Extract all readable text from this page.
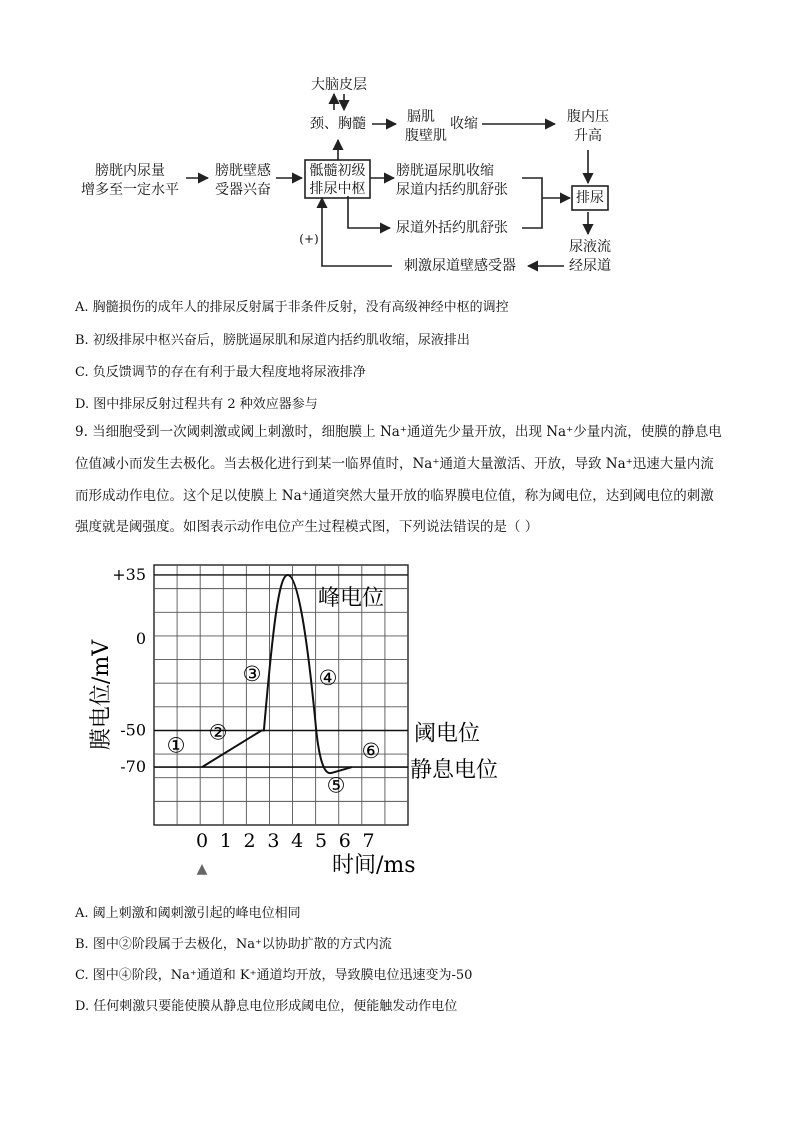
大脑皮层
颈、胸髓	膈肌
腹壁肌
收缩	腹内压
升高
膀胱内尿量
增多至一定水平
膀胱壁感
受器兴奋
骶髓初级
排尿中枢
膀胱逼尿肌收缩
尿道内括约肌舒张
尿道外括约肌舒张
排尿
尿液流
经尿道
刺激尿道壁感受器
(+)
A. 胸髓损伤的成年人的排尿反射属于非条件反射，没有高级神经中枢的调控
B. 初级排尿中枢兴奋后，膀胱逼尿肌和尿道内括约肌收缩，尿液排出
C. 负反馈调节的存在有利于最大程度地将尿液排净
D. 图中排尿反射过程共有 2 种效应器参与
9. 当细胞受到一次阈刺激或阈上刺激时，细胞膜上 Na⁺通道先少量开放，出现 Na⁺少量内流，使膜的静息电
位值减小而发生去极化。当去极化进行到某一临界值时，Na⁺通道大量激活、开放，导致 Na⁺迅速大量内流
而形成动作电位。这个足以使膜上 Na⁺通道突然大量开放的临界膜电位值，称为阈电位，达到阈电位的刺激
强度就是阈强度。如图表示动作电位产生过程模式图，下列说法错误的是（ ）
+35
0
-50
-70
0 1 2 3 4 5 6 7
膜电位/mV
时间/ms
▲
峰电位
阈电位
静息电位
①
②
③	④
⑤
⑥
A. 阈上刺激和阈刺激引起的峰电位相同
B. 图中②阶段属于去极化，Na⁺以协助扩散的方式内流
C. 图中④阶段，Na⁺通道和 K⁺通道均开放，导致膜电位迅速变为-50
D. 任何刺激只要能使膜从静息电位形成阈电位，便能触发动作电位
